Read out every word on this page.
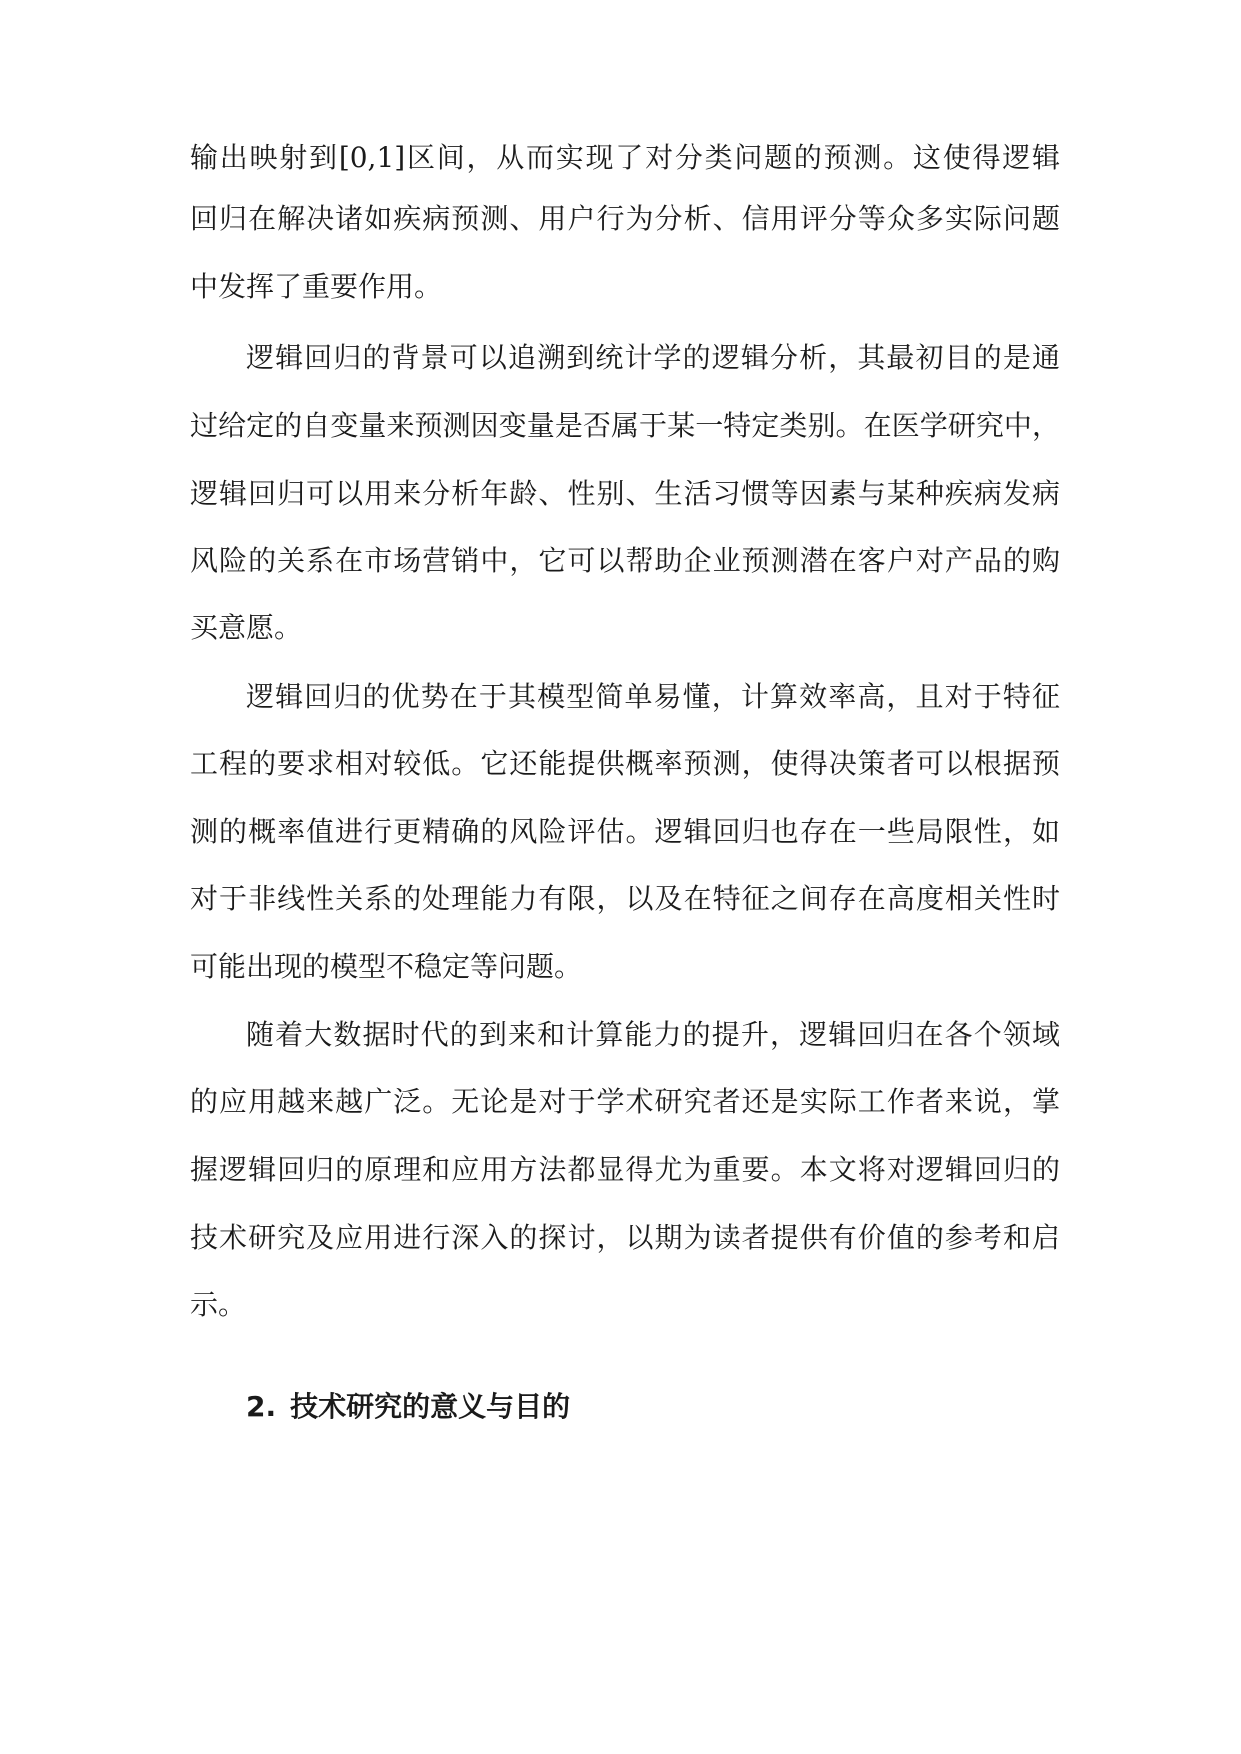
输出映射到[0,1]区间，从而实现了对分类问题的预测。这使得逻辑
回归在解决诸如疾病预测、用户行为分析、信用评分等众多实际问题
中发挥了重要作用。
逻辑回归的背景可以追溯到统计学的逻辑分析，其最初目的是通
过给定的自变量来预测因变量是否属于某一特定类别。在医学研究中，
逻辑回归可以用来分析年龄、性别、生活习惯等因素与某种疾病发病
风险的关系在市场营销中，它可以帮助企业预测潜在客户对产品的购
买意愿。
逻辑回归的优势在于其模型简单易懂，计算效率高，且对于特征
工程的要求相对较低。它还能提供概率预测，使得决策者可以根据预
测的概率值进行更精确的风险评估。逻辑回归也存在一些局限性，如
对于非线性关系的处理能力有限，以及在特征之间存在高度相关性时
可能出现的模型不稳定等问题。
随着大数据时代的到来和计算能力的提升，逻辑回归在各个领域
的应用越来越广泛。无论是对于学术研究者还是实际工作者来说，掌
握逻辑回归的原理和应用方法都显得尤为重要。本文将对逻辑回归的
技术研究及应用进行深入的探讨，以期为读者提供有价值的参考和启
示。
2. 技术研究的意义与目的
